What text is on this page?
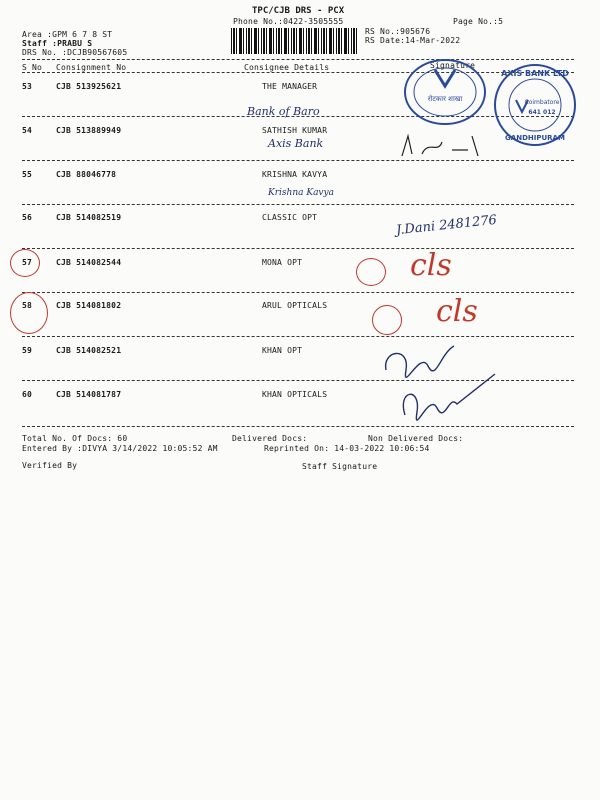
TPC/CJB DRS - PCX
Phone No.:0422-3505555	Page No.:5
Area :GPM 6 7 8 ST
Staff :PRABU S
DRS No. :DCJB90567605
RS No.:905676
RS Date:14-Mar-2022
S No Consignment No	Consignee Details	Signature
53	CJB 513925621	THE MANAGER
Bank of Baro
54	CJB 513889949	SATHISH KUMAR
Axis Bank
55	CJB 88046778	KRISHNA KAVYA
Krishna Kavya
56	CJB 514082519	CLASSIC OPT	J.Dani 2481276
57	CJB 514082544	MONA OPT	cls
58	CJB 514081802	ARUL OPTICALS	cls
59	CJB 514082521	KHAN OPT
60	CJB 514081787	KHAN OPTICALS
रोटकार शाखा
AXIS BANK LTD
Coimbatore
641 012
GANDHIPURAM
Total No. Of Docs: 60	Delivered Docs:	Non Delivered Docs:
Entered By :DIVYA 3/14/2022 10:05:52 AM	Reprinted On: 14-03-2022 10:06:54
Verified By	Staff Signature
